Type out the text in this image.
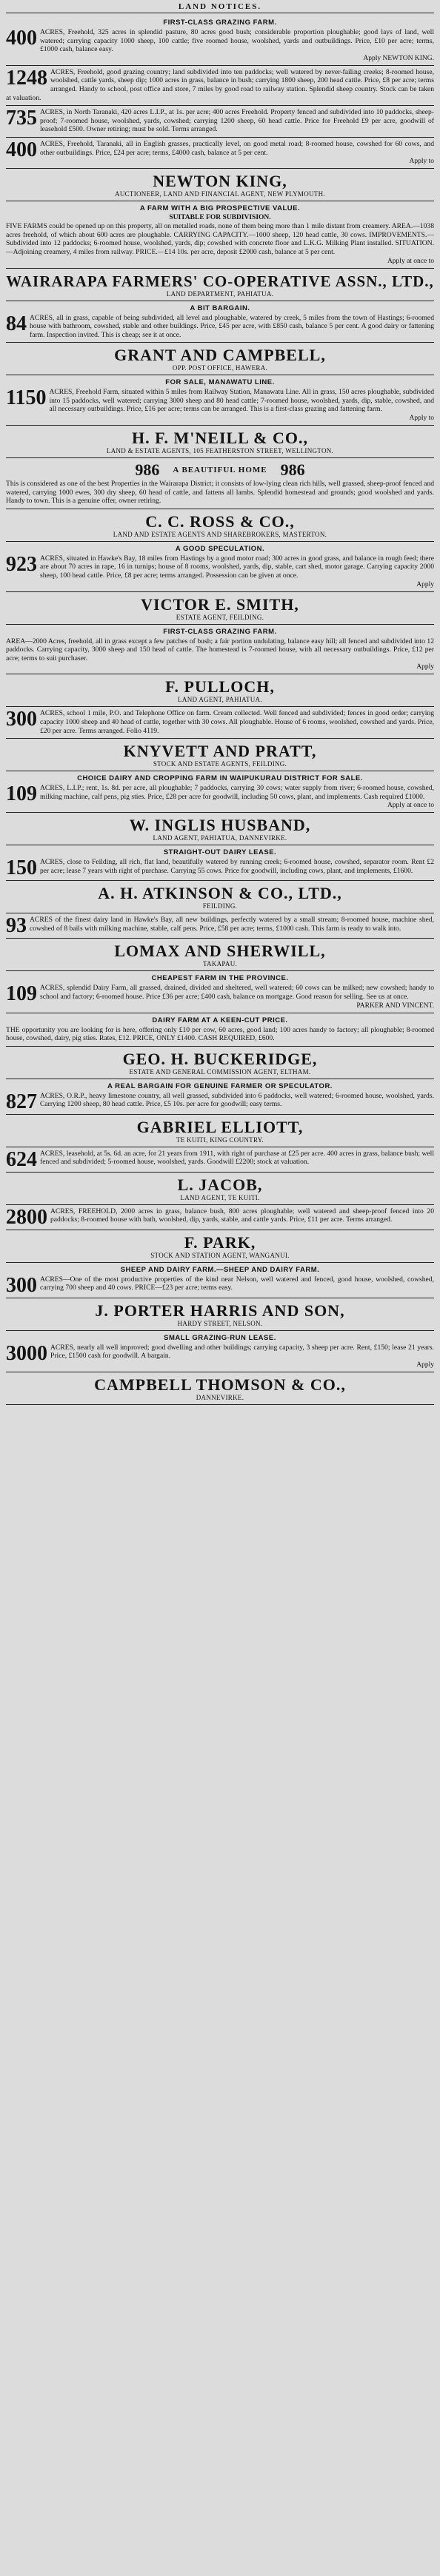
LAND NOTICES.
FIRST-CLASS GRAZING FARM.
400 ACRES, Freehold, 325 acres in splendid pasture, 80 acres good bush; considerable proportion ploughable; good lays of land, well watered; carrying capacity 1000 sheep, 100 cattle; five roomed house, woolshed, yards and outbuildings. Price, £10 per acre; terms, £1000 cash, balance easy.
Apply NEWTON KING.
1248 ACRES, Freehold, good grazing country; land subdivided into ten paddocks; well watered by never-failing creeks; 8-roomed house, woolshed, cattle yards, sheep dip; 1000 acres in grass, balance in bush; carrying 1800 sheep, 200 head cattle. Price, £8 per acre; terms arranged. Handy to school, post office and store, 7 miles by good road to railway station. Splendid sheep country. Stock can be taken at valuation.
735 ACRES, in North Taranaki, 420 acres L.I.P., at 1s. per acre; 400 acres Freehold. Property fenced and subdivided into 10 paddocks, sheep-proof; 7-roomed house, woolshed, yards, cowshed; carrying 1200 sheep, 60 head cattle. Price for Freehold £9 per acre, goodwill of leasehold £500. Owner retiring; must be sold. Terms arranged.
400 ACRES, Freehold, Taranaki, all in English grasses, practically level, on good metal road; 8-roomed house, cowshed for 60 cows, and other outbuildings. Price, £24 per acre; terms, £4000 cash, balance at 5 per cent.
Apply to
NEWTON KING,
AUCTIONEER, LAND AND FINANCIAL AGENT, NEW PLYMOUTH.
A FARM WITH A BIG PROSPECTIVE VALUE.
SUITABLE FOR SUBDIVISION.
FIVE FARMS could be opened up on this property, all on metalled roads, none of them being more than 1 mile distant from creamery. AREA.—1038 acres freehold, of which about 600 acres are ploughable. CARRYING CAPACITY.—1000 sheep, 120 head cattle, 30 cows. IMPROVEMENTS.—Subdivided into 12 paddocks; 6-roomed house, woolshed, yards, dip; cowshed with concrete floor and L.K.G. Milking Plant installed. SITUATION.—Adjoining creamery, 4 miles from railway. PRICE.—£14 10s. per acre, deposit £2000 cash, balance at 5 per cent.
Apply at once to
WAIRARAPA FARMERS' CO-OPERATIVE ASSN., LTD.,
LAND DEPARTMENT, PAHIATUA.
A BIT BARGAIN.
84 ACRES, all in grass, capable of being subdivided, all level and ploughable, watered by creek, 5 miles from the town of Hastings; 6-roomed house with bathroom, cowshed, stable and other buildings. Price, £45 per acre, with £850 cash, balance 5 per cent. A good dairy or fattening farm. Inspection invited. This is cheap; see it at once.
GRANT AND CAMPBELL,
OPP. POST OFFICE, HAWERA.
FOR SALE, MANAWATU LINE.
1150 ACRES, Freehold Farm, situated within 5 miles from Railway Station, Manawatu Line. All in grass, 150 acres ploughable, subdivided into 15 paddocks, well watered; carrying 3000 sheep and 80 head cattle; 7-roomed house, woolshed, yards, dip, stable, cowshed, and all necessary outbuildings. Price, £16 per acre; terms can be arranged. This is a first-class grazing and fattening farm.
Apply to
H. F. M'NEILL & CO.,
LAND & ESTATE AGENTS, 105 FEATHERSTON STREET, WELLINGTON.
986 A BEAUTIFUL HOME 986
This is considered as one of the best Properties in the Wairarapa District; it consists of low-lying clean rich hills, well grassed, sheep-proof fenced and watered, carrying 1000 ewes, 300 dry sheep, 60 head of cattle, and fattens all lambs. Splendid homestead and grounds; good woolshed and yards. Handy to town. This is a genuine offer, owner retiring.
C. C. ROSS & CO.,
LAND AND ESTATE AGENTS AND SHAREBROKERS, MASTERTON.
A GOOD SPECULATION.
923 ACRES, situated in Hawke's Bay, 18 miles from Hastings by a good motor road; 300 acres in good grass, and balance in rough feed; there are about 70 acres in rape, 16 in turnips; house of 8 rooms, woolshed, yards, dip, stable, cart shed, motor garage. Carrying capacity 2000 sheep, 100 head cattle. Price, £8 per acre; terms arranged. Possession can be given at once.
Apply
VICTOR E. SMITH,
ESTATE AGENT, FEILDING.
FIRST-CLASS GRAZING FARM.
AREA—2000 Acres, freehold, all in grass except a few patches of bush; a fair portion undulating, balance easy hill; all fenced and subdivided into 12 paddocks. Carrying capacity, 3000 sheep and 150 head of cattle. The homestead is 7-roomed house, with all necessary outbuildings. Price, £12 per acre; terms to suit purchaser.
Apply
F. PULLOCH,
LAND AGENT, PAHIATUA.
300 ACRES, school 1 mile, P.O. and Telephone Office on farm. Cream collected. Well fenced and subdivided; fences in good order; carrying capacity 1000 sheep and 40 head of cattle, together with 30 cows. All ploughable. House of 6 rooms, woolshed, cowshed and yards. Price, £20 per acre. Terms arranged. Folio 4119.
KNYVETT AND PRATT,
STOCK AND ESTATE AGENTS, FEILDING.
CHOICE DAIRY AND CROPPING FARM IN WAIPUKURAU DISTRICT FOR SALE.
109 ACRES, L.I.P.; rent, 1s. 8d. per acre, all ploughable; 7 paddocks, carrying 30 cows; water supply from river; 6-roomed house, cowshed, milking machine, calf pens, pig sties. Price, £28 per acre for goodwill, including 50 cows, plant, and implements. Cash required £1000.
Apply at once to
W. INGLIS HUSBAND,
LAND AGENT, PAHIATUA, DANNEVIRKE.
STRAIGHT-OUT DAIRY LEASE.
150 ACRES, close to Feilding, all rich, flat land, beautifully watered by running creek; 6-roomed house, cowshed, separator room. Rent £2 per acre; lease 7 years with right of purchase. Carrying 55 cows. Price for goodwill, including cows, plant, and implements, £1600.
A. H. ATKINSON & CO., LTD.,
FEILDING.
93 ACRES of the finest dairy land in Hawke's Bay, all new buildings, perfectly watered by a small stream; 8-roomed house, machine shed, cowshed of 8 bails with milking machine, stable, calf pens. Price, £58 per acre; terms, £1000 cash. This farm is ready to walk into.
LOMAX AND SHERWILL,
TAKAPAU.
CHEAPEST FARM IN THE PROVINCE.
109 ACRES, splendid Dairy Farm, all grassed, drained, divided and sheltered, well watered; 60 cows can be milked; new cowshed; handy to school and factory; 6-roomed house. Price £36 per acre; £400 cash, balance on mortgage. Good reason for selling. See us at once.
PARKER AND VINCENT.
DAIRY FARM AT A KEEN-CUT PRICE.
THE opportunity you are looking for is here, offering only £10 per cow, 60 acres, good land; 100 acres handy to factory; all ploughable; 8-roomed house, cowshed, dairy, pig sties. Rates, £12. PRICE, ONLY £1400. CASH REQUIRED, £600.
GEO. H. BUCKERIDGE,
ESTATE AND GENERAL COMMISSION AGENT, ELTHAM.
A REAL BARGAIN FOR GENUINE FARMER OR SPECULATOR.
827 ACRES, O.R.P., heavy limestone country, all well grassed, subdivided into 6 paddocks, well watered; 6-roomed house, woolshed, yards. Carrying 1200 sheep, 80 head cattle. Price, £5 10s. per acre for goodwill; easy terms.
GABRIEL ELLIOTT,
TE KUITI, KING COUNTRY.
624 ACRES, leasehold, at 5s. 6d. an acre, for 21 years from 1911, with right of purchase at £25 per acre. 400 acres in grass, balance bush; well fenced and subdivided; 5-roomed house, woolshed, yards. Goodwill £2200; stock at valuation.
L. JACOB,
LAND AGENT, TE KUITI.
2800 ACRES, FREEHOLD, 2000 acres in grass, balance bush, 800 acres ploughable; well watered and sheep-proof fenced into 20 paddocks; 8-roomed house with bath, woolshed, dip, yards, stable, and cattle yards. Price, £11 per acre. Terms arranged.
F. PARK,
STOCK AND STATION AGENT, WANGANUI.
SHEEP AND DAIRY FARM.—SHEEP AND DAIRY FARM.
300 ACRES—One of the most productive properties of the kind near Nelson, well watered and fenced, good house, woolshed, cowshed, carrying 700 sheep and 40 cows. PRICE—£23 per acre; terms easy.
J. PORTER HARRIS AND SON,
HARDY STREET, NELSON.
SMALL GRAZING-RUN LEASE.
3000 ACRES, nearly all well improved; good dwelling and other buildings; carrying capacity, 3 sheep per acre. Rent, £150; lease 21 years. Price, £1500 cash for goodwill. A bargain.
Apply
CAMPBELL THOMSON & CO.,
DANNEVIRKE.
